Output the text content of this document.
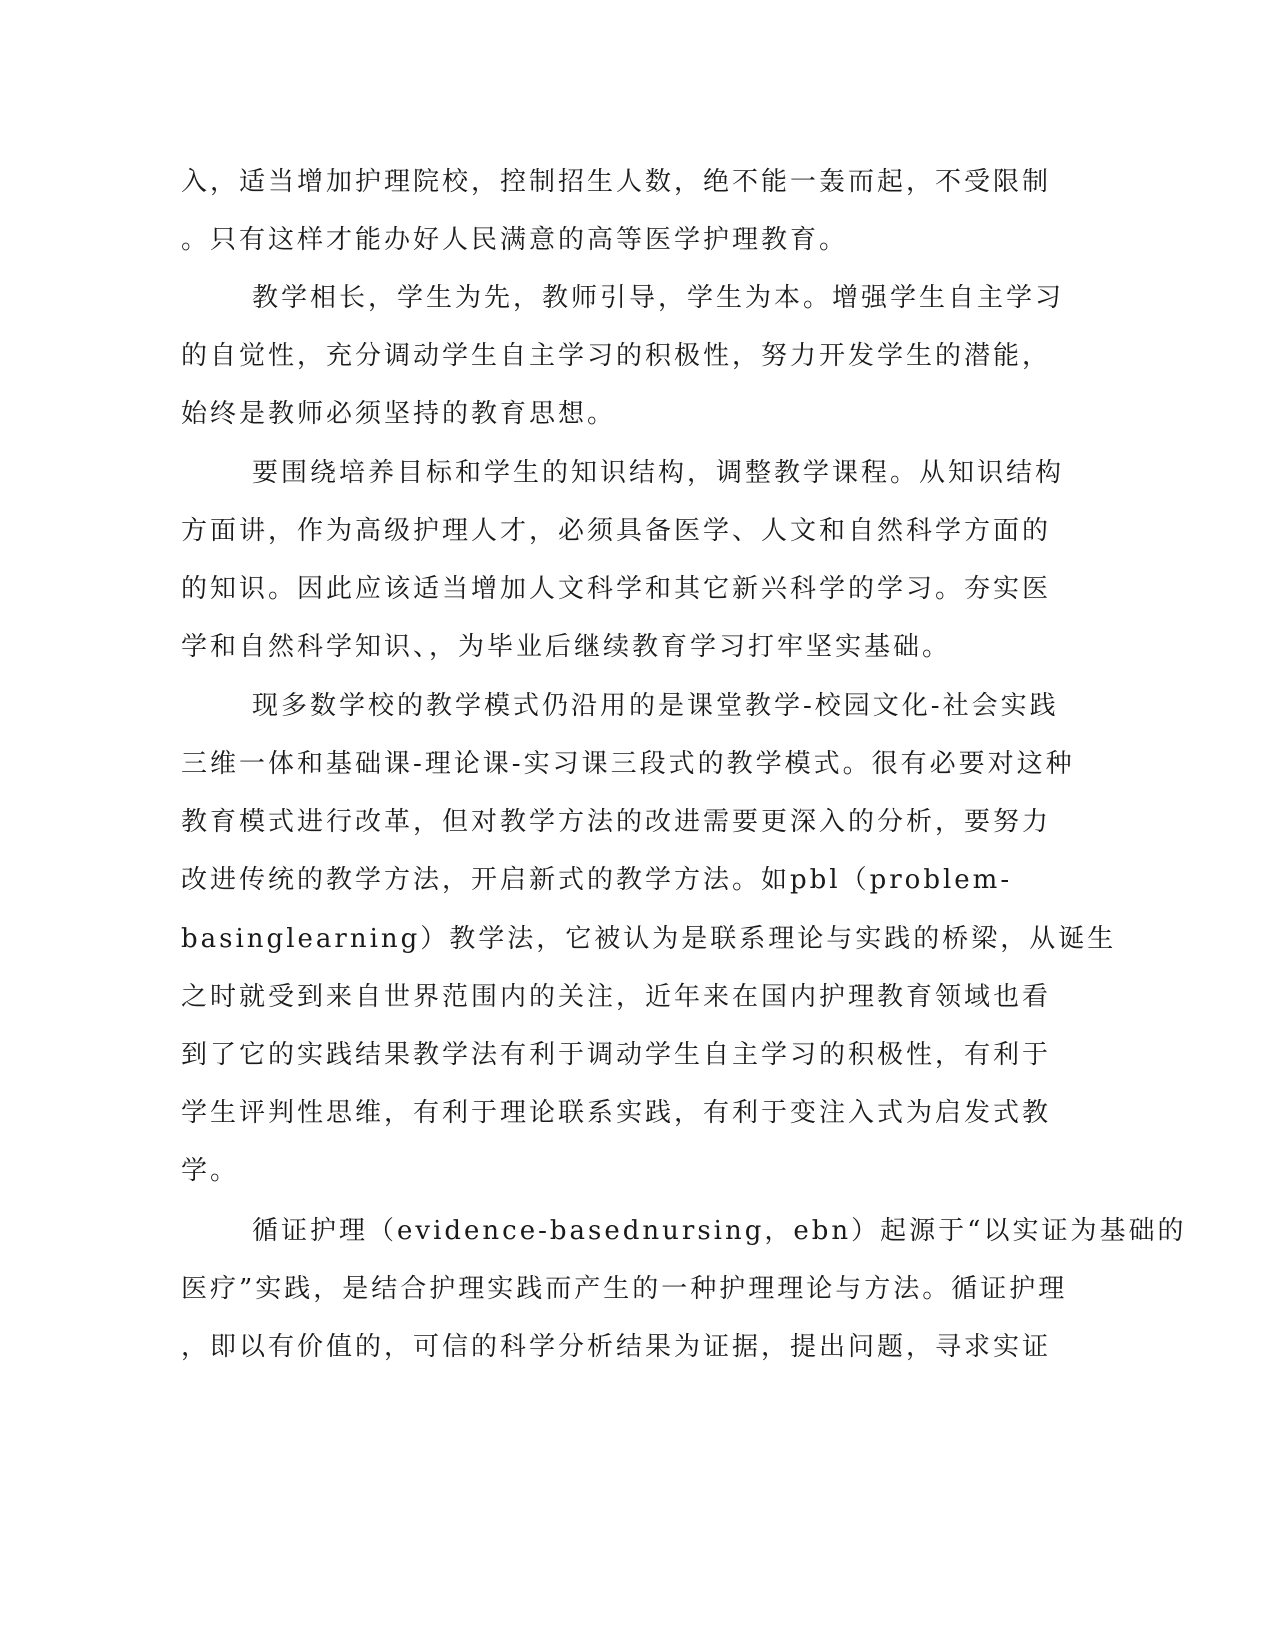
入，适当增加护理院校，控制招生人数，绝不能一轰而起，不受限制
。只有这样才能办好人民满意的高等医学护理教育。
教学相长，学生为先，教师引导，学生为本。增强学生自主学习
的自觉性，充分调动学生自主学习的积极性，努力开发学生的潜能，
始终是教师必须坚持的教育思想。
要围绕培养目标和学生的知识结构，调整教学课程。从知识结构
方面讲，作为高级护理人才，必须具备医学、人文和自然科学方面的
的知识。因此应该适当增加人文科学和其它新兴科学的学习。夯实医
学和自然科学知识、，为毕业后继续教育学习打牢坚实基础。
现多数学校的教学模式仍沿用的是课堂教学-校园文化-社会实践
三维一体和基础课-理论课-实习课三段式的教学模式。很有必要对这种
教育模式进行改革，但对教学方法的改进需要更深入的分析，要努力
改进传统的教学方法，开启新式的教学方法。如pbl（problem-
basinglearning）教学法，它被认为是联系理论与实践的桥梁，从诞生
之时就受到来自世界范围内的关注，近年来在国内护理教育领域也看
到了它的实践结果教学法有利于调动学生自主学习的积极性，有利于
学生评判性思维，有利于理论联系实践，有利于变注入式为启发式教
学。
循证护理（evidence-basednursing，ebn）起源于“以实证为基础的
医疗”实践，是结合护理实践而产生的一种护理理论与方法。循证护理
，即以有价值的，可信的科学分析结果为证据，提出问题，寻求实证
